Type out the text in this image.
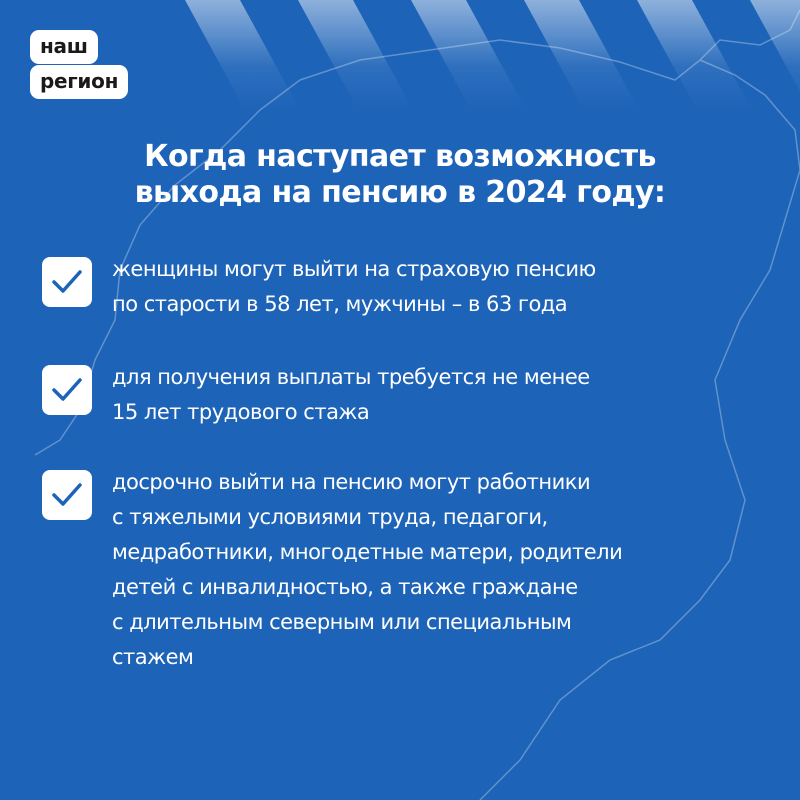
наш
регион
Когда наступает возможность
выхода на пенсию в 2024 году:

женщины могут выйти на страховую пенсию
по старости в 58 лет, мужчины – в 63 года

для получения выплаты требуется не менее
15 лет трудового стажа

досрочно выйти на пенсию могут работники
с тяжелыми условиями труда, педагоги,
медработники, многодетные матери, родители
детей с инвалидностью, а также граждане
с длительным северным или специальным
стажем
